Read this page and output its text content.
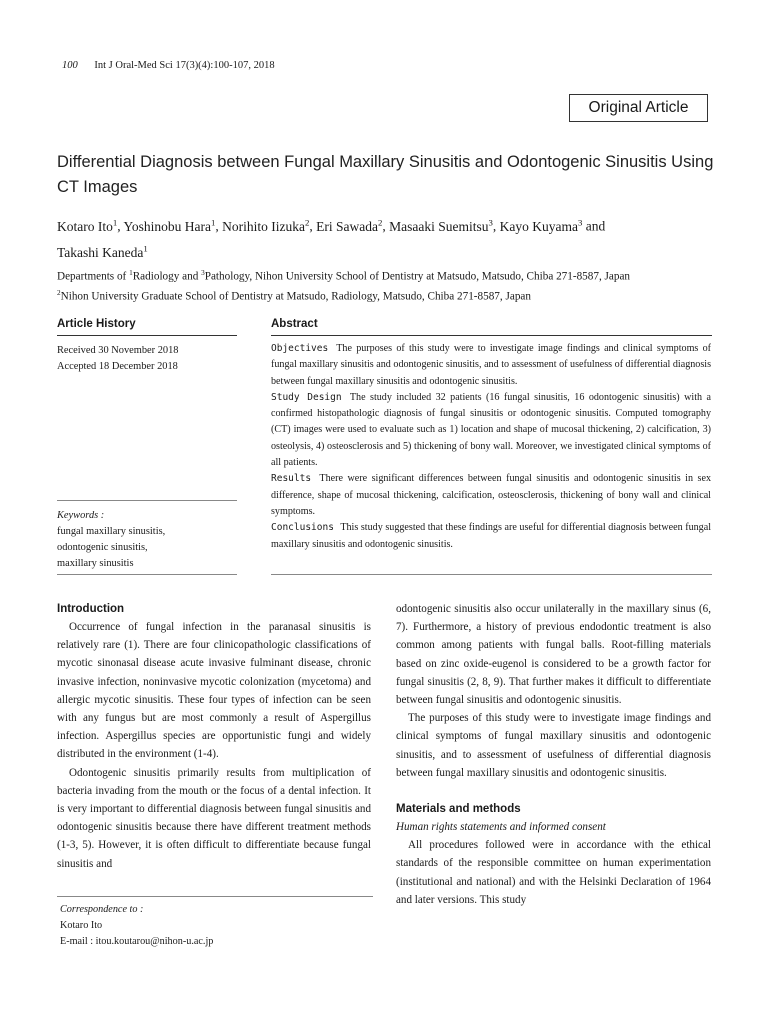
100 Int J Oral-Med Sci 17(3)(4):100-107, 2018
Original Article
Differential Diagnosis between Fungal Maxillary Sinusitis and Odontogenic Sinusitis Using CT Images
Kotaro Ito$^1$, Yoshinobu Hara$^1$, Norihito Iizuka$^2$, Eri Sawada$^2$, Masaaki Suemitsu$^3$, Kayo Kuyama$^3$ and
Takashi Kaneda$^1$
Departments of $^1$Radiology and $^3$Pathology, Nihon University School of Dentistry at Matsudo, Matsudo, Chiba 271-8587, Japan
$^2$Nihon University Graduate School of Dentistry at Matsudo, Radiology, Matsudo, Chiba 271-8587, Japan
Article History	Abstract
Received 30 November 2018
Accepted 18 December 2018
Keywords :
fungal maxillary sinusitis,
odontogenic sinusitis,
maxillary sinusitis

Objectives The purposes of this study were to investigate image findings and clinical symptoms of fungal maxillary sinusitis and odontogenic sinusitis, and to assessment of usefulness of differential diagnosis between fungal maxillary sinusitis and odontogenic sinusitis.

Study Design The study included 32 patients (16 fungal sinusitis, 16 odontogenic sinusitis) with a confirmed histopathologic diagnosis of fungal sinusitis or odontogenic sinusitis. Computed tomography (CT) images were used to evaluate such as 1) location and shape of mucosal thickening, 2) calcification, 3) osteolysis, 4) osteosclerosis and 5) thickening of bony wall. Moreover, we investigated clinical symptoms of all patients.

Results There were significant differences between fungal sinusitis and odontogenic sinusitis in sex difference, shape of mucosal thickening, calcification, osteosclerosis, thickening of bony wall and clinical symptoms.

Conclusions This study suggested that these findings are useful for differential diagnosis between fungal maxillary sinusitis and odontogenic sinusitis.

Introduction

Occurrence of fungal infection in the paranasal sinusitis is relatively rare (1). There are four clinicopathologic classifications of mycotic sinonasal disease acute invasive fulminant disease, chronic invasive infection, noninvasive mycotic colonization (mycetoma) and allergic mycotic sinusitis. These four types of infection can be seen with any fungus but are most commonly a result of Aspergillus infection. Aspergillus species are opportunistic fungi and widely distributed in the environment (1-4).

Odontogenic sinusitis primarily results from multiplication of bacteria invading from the mouth or the focus of a dental infection. It is very important to differential diagnosis between fungal sinusitis and odontogenic sinusitis because there have different treatment methods (1-3, 5). However, it is often difficult to differentiate because fungal sinusitis and

odontogenic sinusitis also occur unilaterally in the maxillary sinus (6, 7). Furthermore, a history of previous endodontic treatment is also common among patients with fungal balls. Root-filling materials based on zinc oxide-eugenol is considered to be a growth factor for fungal sinusitis (2, 8, 9). That further makes it difficult to differentiate between fungal sinusitis and odontogenic sinusitis.

The purposes of this study were to investigate image findings and clinical symptoms of fungal maxillary sinusitis and odontogenic sinusitis, and to assessment of usefulness of differential diagnosis between fungal maxillary sinusitis and odontogenic sinusitis.

Materials and methods
Human rights statements and informed consent

All procedures followed were in accordance with the ethical standards of the responsible committee on human experimentation (institutional and national) and with the Helsinki Declaration of 1964 and later versions. This study

Correspondence to :
Kotaro Ito
E-mail : itou.koutarou@nihon-u.ac.jp
